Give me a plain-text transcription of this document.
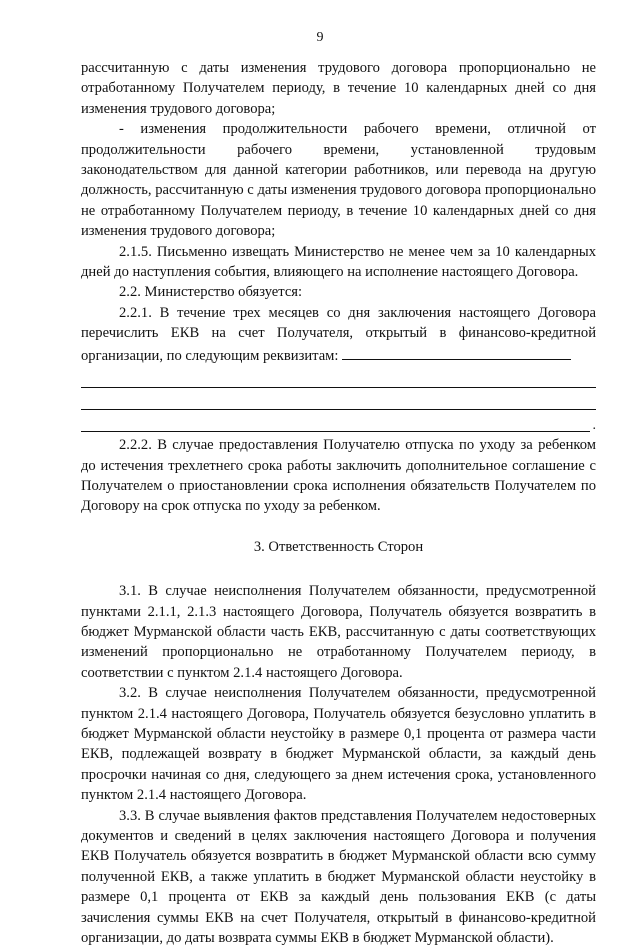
9

рассчитанную с даты изменения трудового договора пропорционально не отработанному Получателем периоду, в течение 10 календарных дней со дня изменения трудового договора;

- изменения продолжительности рабочего времени, отличной от продолжительности рабочего времени, установленной трудовым законодательством для данной категории работников, или перевода на другую должность, рассчитанную с даты изменения трудового договора пропорционально не отработанному Получателем периоду, в течение 10 календарных дней со дня изменения трудового договора;

2.1.5. Письменно извещать Министерство не менее чем за 10 календарных дней до наступления события, влияющего на исполнение настоящего Договора.

2.2. Министерство обязуется:

2.2.1. В течение трех месяцев со дня заключения настоящего Договора перечислить ЕКВ на счет Получателя, открытый в финансово-кредитной организации, по следующим реквизитам:

.

2.2.2. В случае предоставления Получателю отпуска по уходу за ребенком до истечения трехлетнего срока работы заключить дополнительное соглашение с Получателем о приостановлении срока исполнения обязательств Получателем по Договору на срок отпуска по уходу за ребенком.

3. Ответственность Сторон

3.1. В случае неисполнения Получателем обязанности, предусмотренной пунктами 2.1.1, 2.1.3 настоящего Договора, Получатель обязуется возвратить в бюджет Мурманской области часть ЕКВ, рассчитанную с даты соответствующих изменений пропорционально не отработанному Получателем периоду, в соответствии с пунктом 2.1.4 настоящего Договора.

3.2. В случае неисполнения Получателем обязанности, предусмотренной пунктом 2.1.4 настоящего Договора, Получатель обязуется безусловно уплатить в бюджет Мурманской области неустойку в размере 0,1 процента от размера части ЕКВ, подлежащей возврату в бюджет Мурманской области, за каждый день просрочки начиная со дня, следующего за днем истечения срока, установленного пунктом 2.1.4 настоящего Договора.

3.3. В случае выявления фактов представления Получателем недостоверных документов и сведений в целях заключения настоящего Договора и получения ЕКВ Получатель обязуется возвратить в бюджет Мурманской области всю сумму полученной ЕКВ, а также уплатить в бюджет Мурманской области неустойку в размере 0,1 процента от ЕКВ за каждый день пользования ЕКВ (с даты зачисления суммы ЕКВ на счет Получателя, открытый в финансово-кредитной организации, до даты возврата суммы ЕКВ в бюджет Мурманской области).
